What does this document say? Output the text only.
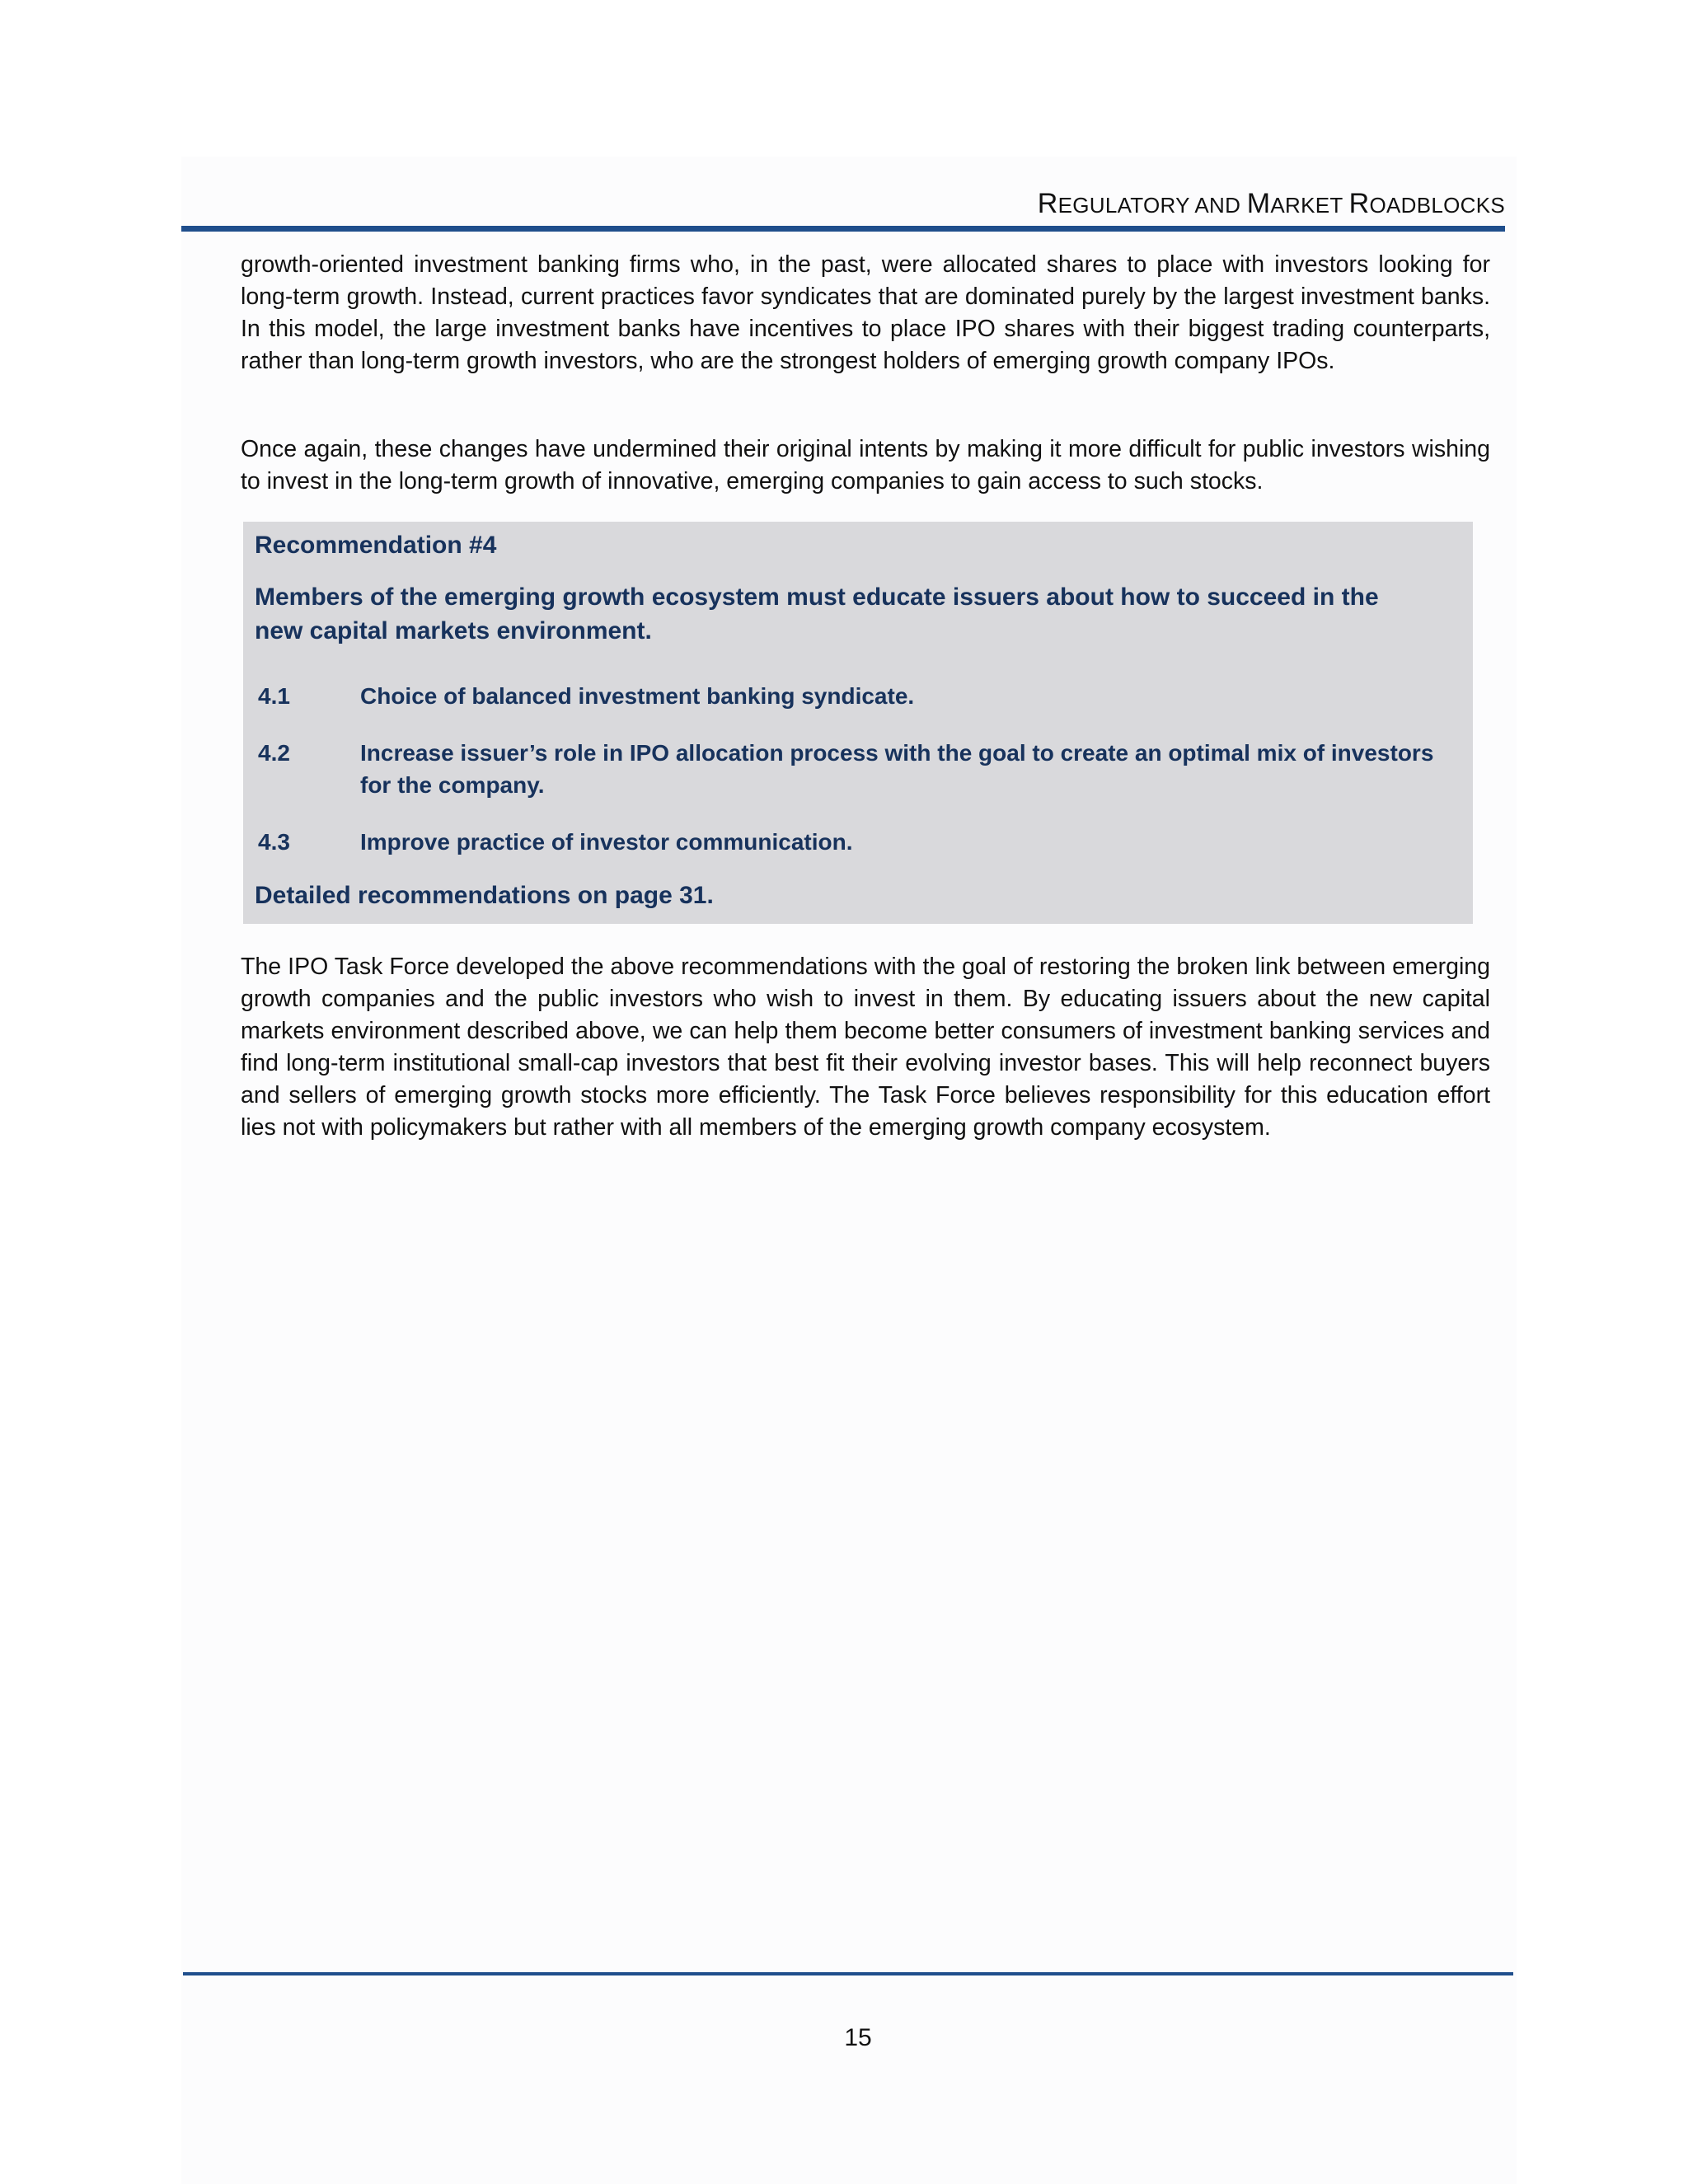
REGULATORY AND MARKET ROADBLOCKS

growth-oriented investment banking firms who, in the past, were allocated shares to place with investors looking for long-term growth. Instead, current practices favor syndicates that are dominated purely by the largest investment banks. In this model, the large investment banks have incentives to place IPO shares with their biggest trading counterparts, rather than long-term growth investors, who are the strongest holders of emerging growth company IPOs.

Once again, these changes have undermined their original intents by making it more difficult for public investors wishing to invest in the long-term growth of innovative, emerging companies to gain access to such stocks.

Recommendation #4
Members of the emerging growth ecosystem must educate issuers about how to succeed in the new capital markets environment.
4.1	Choice of balanced investment banking syndicate.
4.2	Increase issuer’s role in IPO allocation process with the goal to create an optimal mix of investors for the company.
4.3	Improve practice of investor communication.
Detailed recommendations on page 31.

The IPO Task Force developed the above recommendations with the goal of restoring the broken link between emerging growth companies and the public investors who wish to invest in them. By educating issuers about the new capital markets environment described above, we can help them become better consumers of investment banking services and find long-term institutional small-cap investors that best fit their evolving investor bases. This will help reconnect buyers and sellers of emerging growth stocks more efficiently. The Task Force believes responsibility for this education effort lies not with policymakers but rather with all members of the emerging growth company ecosystem.

15
